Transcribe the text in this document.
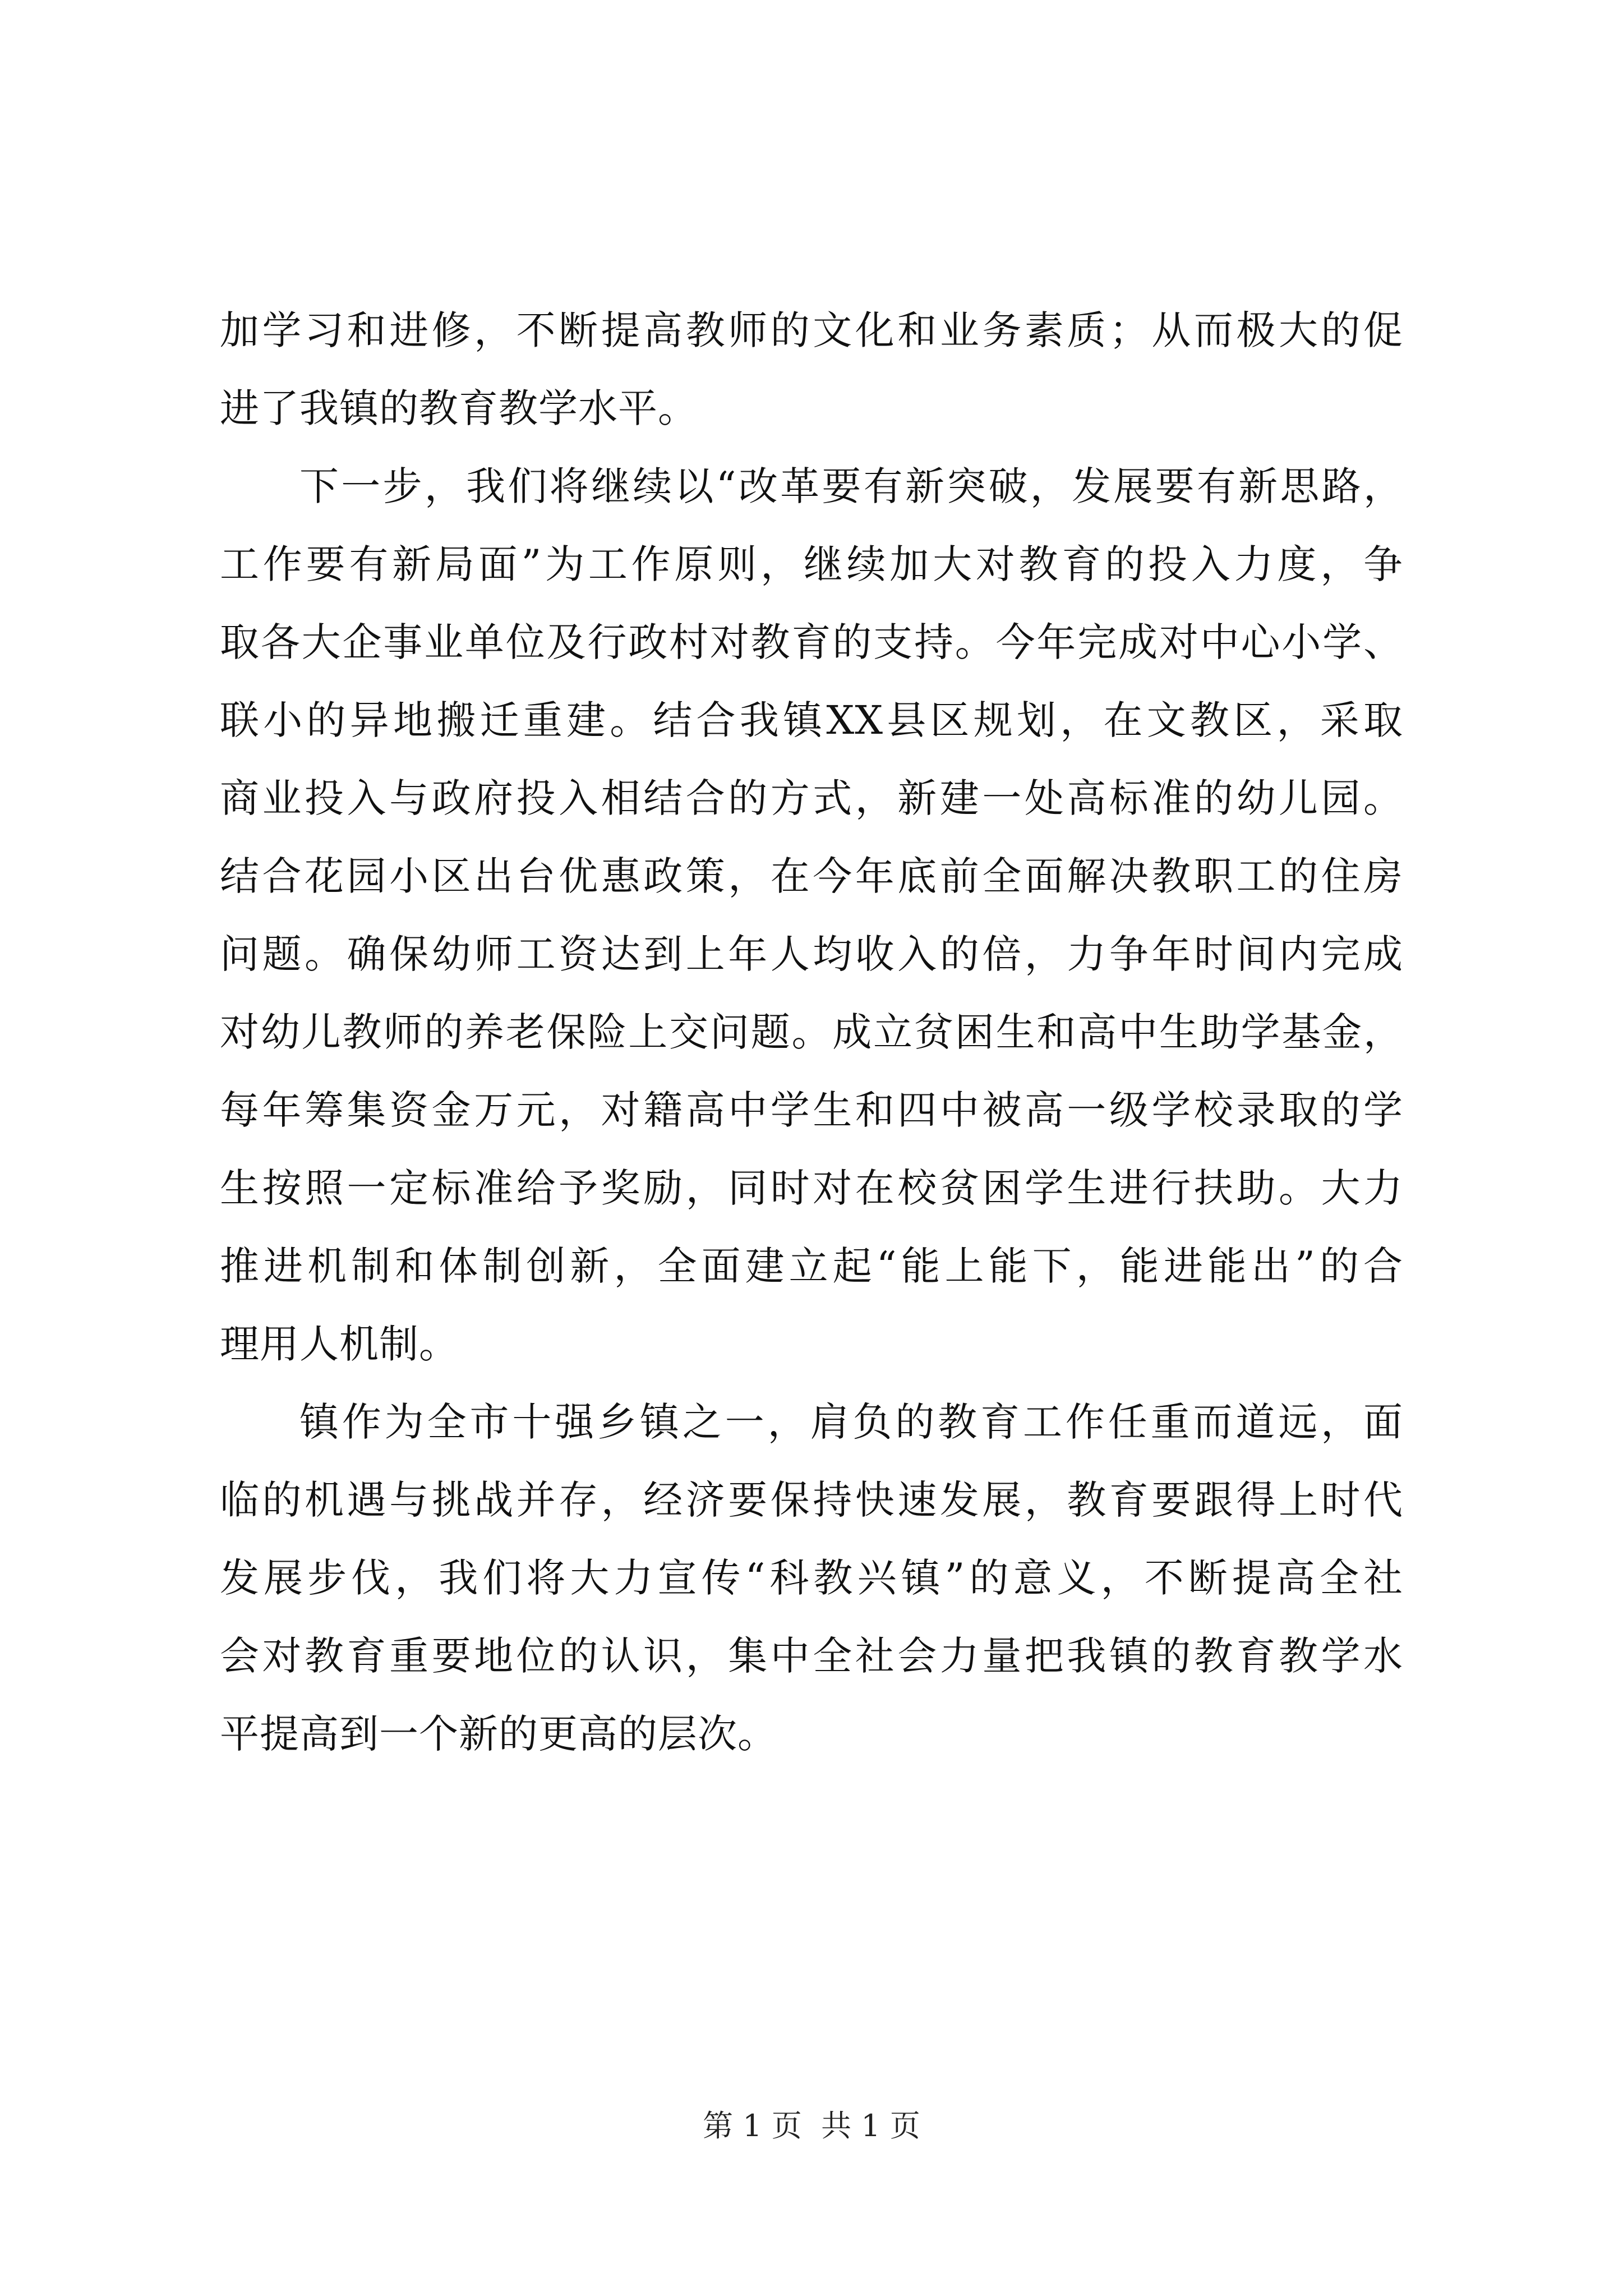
加学习和进修，不断提高教师的文化和业务素质；从而极大的促
进了我镇的教育教学水平。
下一步，我们将继续以“改革要有新突破，发展要有新思路，
工作要有新局面”为工作原则，继续加大对教育的投入力度，争
取各大企事业单位及行政村对教育的支持。今年完成对中心小学、
联小的异地搬迁重建。结合我镇XX县区规划，在文教区，采取
商业投入与政府投入相结合的方式，新建一处高标准的幼儿园。
结合花园小区出台优惠政策，在今年底前全面解决教职工的住房
问题。确保幼师工资达到上年人均收入的倍，力争年时间内完成
对幼儿教师的养老保险上交问题。成立贫困生和高中生助学基金，
每年筹集资金万元，对籍高中学生和四中被高一级学校录取的学
生按照一定标准给予奖励，同时对在校贫困学生进行扶助。大力
推进机制和体制创新，全面建立起“能上能下，能进能出”的合
理用人机制。
镇作为全市十强乡镇之一，肩负的教育工作任重而道远，面
临的机遇与挑战并存，经济要保持快速发展，教育要跟得上时代
发展步伐，我们将大力宣传“科教兴镇”的意义，不断提高全社
会对教育重要地位的认识，集中全社会力量把我镇的教育教学水
平提高到一个新的更高的层次。
第 1 页  共 1 页
